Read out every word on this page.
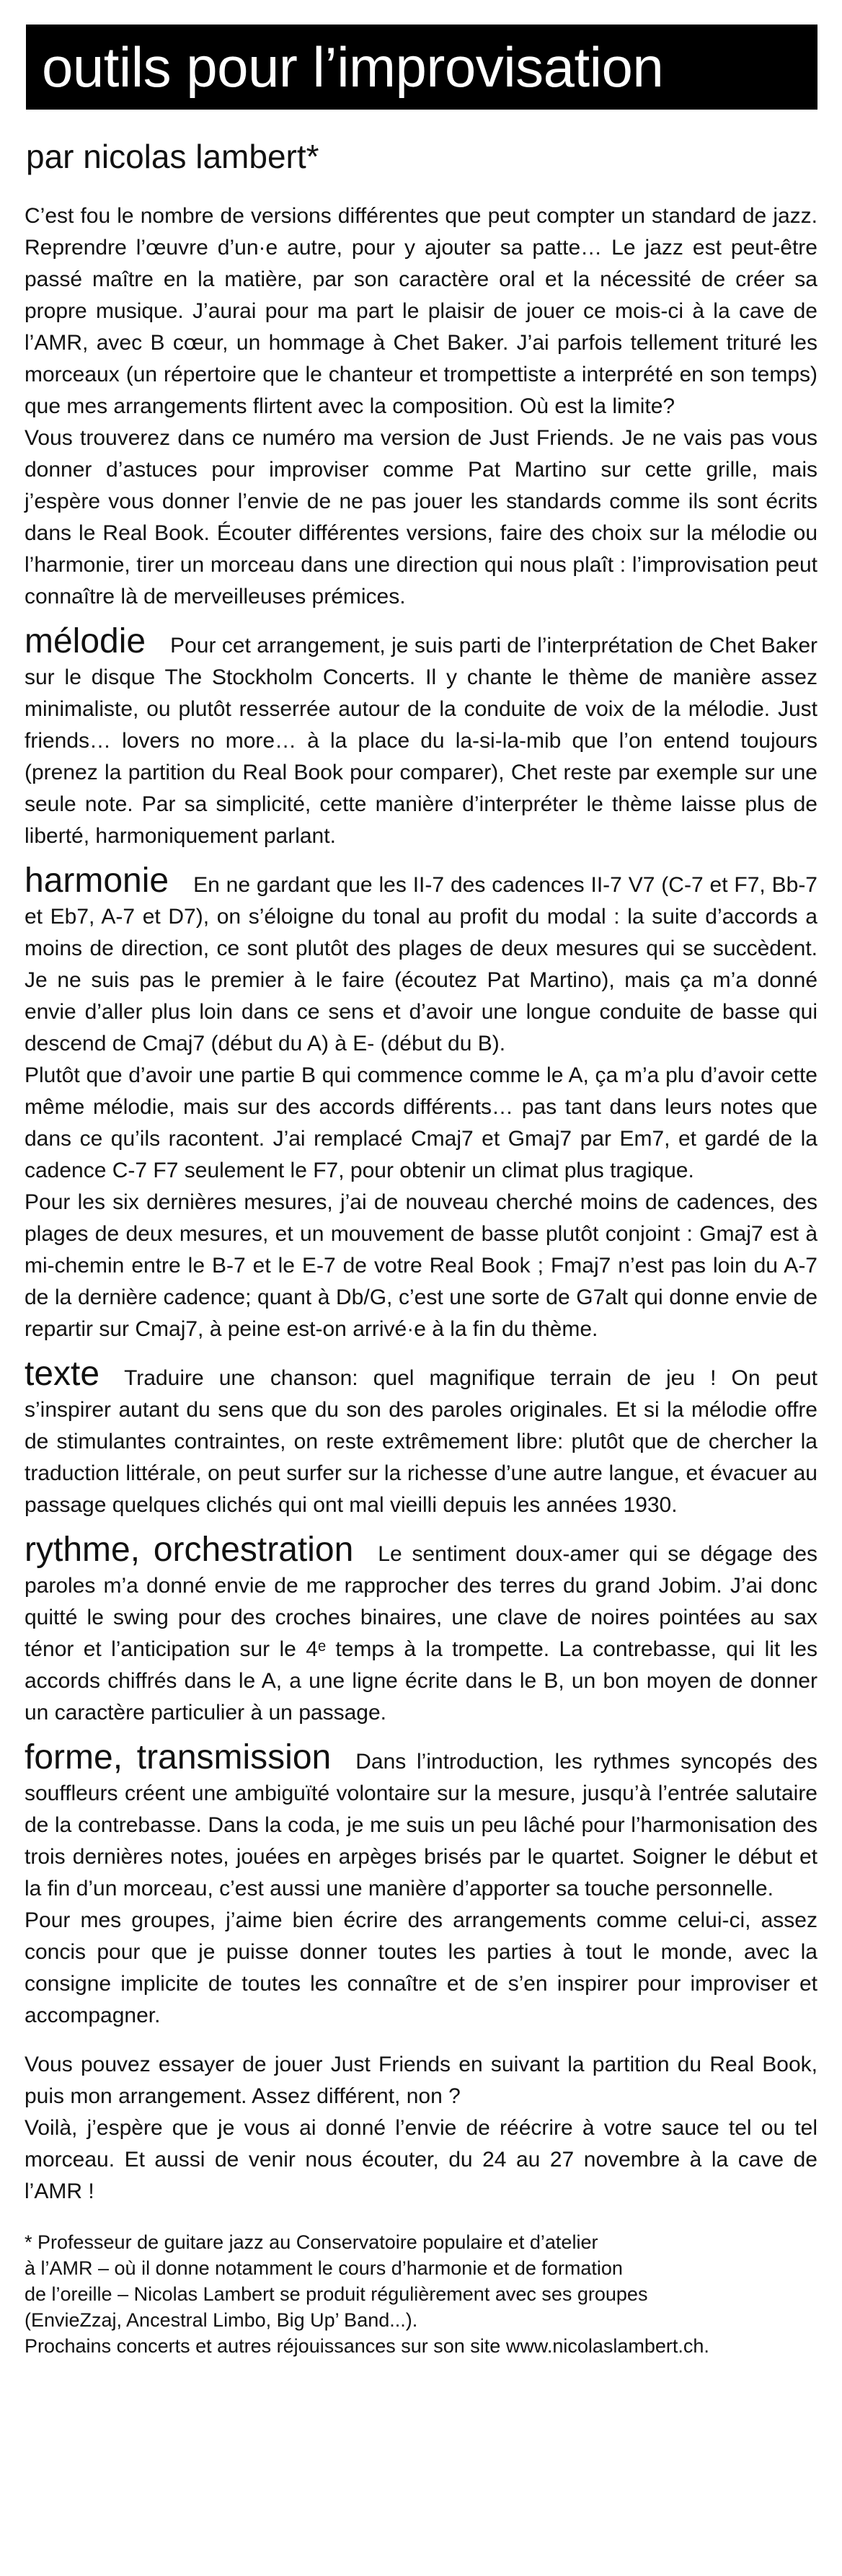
outils pour l’improvisation
par nicolas lambert*

C’est fou le nombre de versions différentes que peut compter un standard de jazz. Reprendre l’œuvre d’un·e autre, pour y ajouter sa patte… Le jazz est peut-être passé maître en la matière, par son caractère oral et la nécessité de créer sa propre musique. J’aurai pour ma part le plaisir de jouer ce mois-ci à la cave de l’AMR, avec B cœur, un hommage à Chet Baker. J’ai parfois tellement trituré les morceaux (un répertoire que le chanteur et trompettiste a interprété en son temps) que mes arrangements flirtent avec la composition. Où est la limite?

Vous trouverez dans ce numéro ma version de Just Friends. Je ne vais pas vous donner d’astuces pour improviser comme Pat Martino sur cette grille, mais j’espère vous donner l’envie de ne pas jouer les standards comme ils sont écrits dans le Real Book. Écouter différentes versions, faire des choix sur la mélodie ou l’harmonie, tirer un morceau dans une direction qui nous plaît : l’improvisation peut connaître là de merveilleuses prémices.

mélodie Pour cet arrangement, je suis parti de l’interprétation de Chet Baker sur le disque The Stockholm Concerts. Il y chante le thème de manière assez minimaliste, ou plutôt resserrée autour de la conduite de voix de la mélodie. Just friends… lovers no more… à la place du la-si-la-mib que l’on entend toujours (prenez la partition du Real Book pour comparer), Chet reste par exemple sur une seule note. Par sa simplicité, cette manière d’interpréter le thème laisse plus de liberté, harmoniquement parlant.

harmonie En ne gardant que les II-7 des cadences II-7 V7 (C-7 et F7, Bb-7 et Eb7, A-7 et D7), on s’éloigne du tonal au profit du modal : la suite d’accords a moins de direction, ce sont plutôt des plages de deux mesures qui se succèdent. Je ne suis pas le premier à le faire (écoutez Pat Martino), mais ça m’a donné envie d’aller plus loin dans ce sens et d’avoir une longue conduite de basse qui descend de Cmaj7 (début du A) à E- (début du B).

Plutôt que d’avoir une partie B qui commence comme le A, ça m’a plu d’avoir cette même mélodie, mais sur des accords différents… pas tant dans leurs notes que dans ce qu’ils racontent. J’ai remplacé Cmaj7 et Gmaj7 par Em7, et gardé de la cadence C-7 F7 seulement le F7, pour obtenir un climat plus tragique.

Pour les six dernières mesures, j’ai de nouveau cherché moins de cadences, des plages de deux mesures, et un mouvement de basse plutôt conjoint : Gmaj7 est à mi-chemin entre le B-7 et le E-7 de votre Real Book ; Fmaj7 n’est pas loin du A-7 de la dernière cadence; quant à Db/G, c’est une sorte de G7alt qui donne envie de repartir sur Cmaj7, à peine est-on arrivé·e à la fin du thème.

texte Traduire une chanson: quel magnifique terrain de jeu ! On peut s’inspirer autant du sens que du son des paroles originales. Et si la mélodie offre de stimulantes contraintes, on reste extrêmement libre: plutôt que de chercher la traduction littérale, on peut surfer sur la richesse d’une autre langue, et évacuer au passage quelques clichés qui ont mal vieilli depuis les années 1930.

rythme, orchestration Le sentiment doux-amer qui se dégage des paroles m’a donné envie de me rapprocher des terres du grand Jobim. J’ai donc quitté le swing pour des croches binaires, une clave de noires pointées au sax ténor et l’anticipation sur le 4ᵉ temps à la trompette. La contrebasse, qui lit les accords chiffrés dans le A, a une ligne écrite dans le B, un bon moyen de donner un caractère particulier à un passage.

forme, transmission Dans l’introduction, les rythmes syncopés des souffleurs créent une ambiguïté volontaire sur la mesure, jusqu’à l’entrée salutaire de la contrebasse. Dans la coda, je me suis un peu lâché pour l’harmonisation des trois dernières notes, jouées en arpèges brisés par le quartet. Soigner le début et la fin d’un morceau, c’est aussi une manière d’apporter sa touche personnelle.

Pour mes groupes, j’aime bien écrire des arrangements comme celui-ci, assez concis pour que je puisse donner toutes les parties à tout le monde, avec la consigne implicite de toutes les connaître et de s’en inspirer pour improviser et accompagner.

Vous pouvez essayer de jouer Just Friends en suivant la partition du Real Book, puis mon arrangement. Assez différent, non ?

Voilà, j’espère que je vous ai donné l’envie de réécrire à votre sauce tel ou tel morceau. Et aussi de venir nous écouter, du 24 au 27 novembre à la cave de l’AMR !

* Professeur de guitare jazz au Conservatoire populaire et d’atelier
à l’AMR – où il donne notamment le cours d’harmonie et de formation
de l’oreille – Nicolas Lambert se produit régulièrement avec ses groupes
(EnvieZzaj, Ancestral Limbo, Big Up’ Band...).
Prochains concerts et autres réjouissances sur son site www.nicolaslambert.ch.
